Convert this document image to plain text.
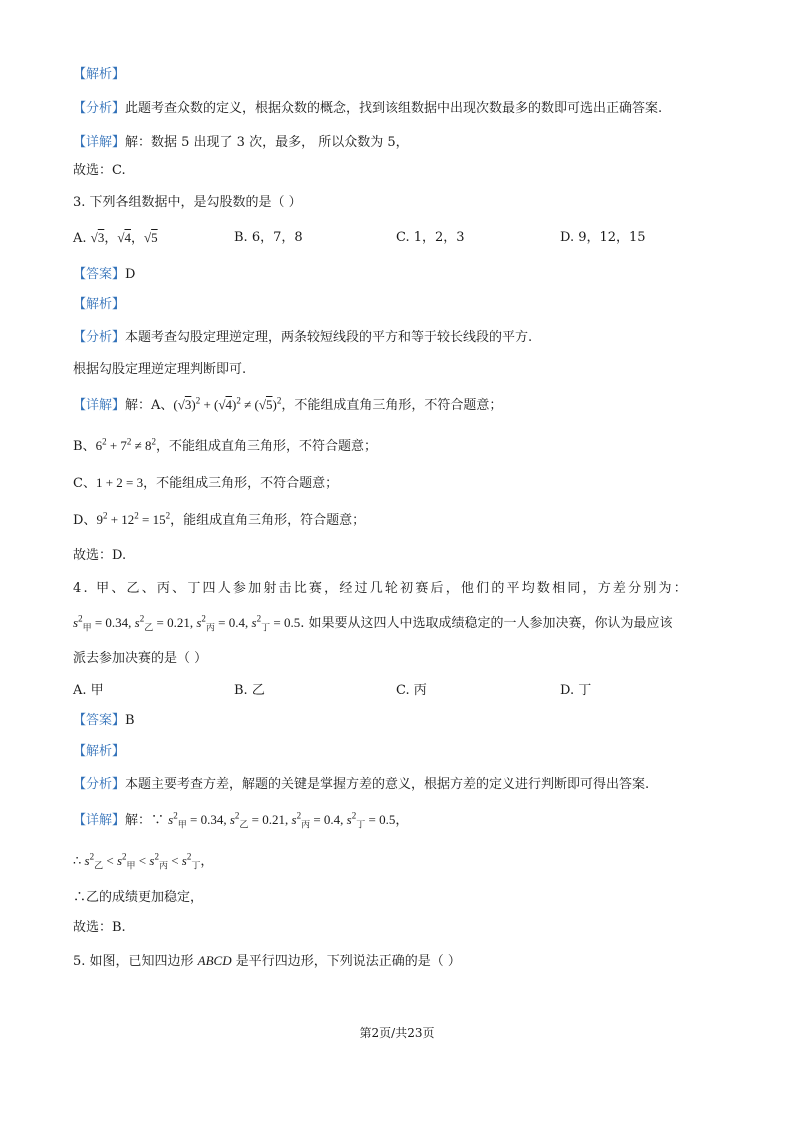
【解析】
【分析】此题考查众数的定义，根据众数的概念，找到该组数据中出现次数最多的数即可选出正确答案.
【详解】解：数据 5 出现了 3 次，最多， 所以众数为 5，
故选：C.
3. 下列各组数据中，是勾股数的是（ ）
A. √3，√4，√5	B. 6，7，8	C. 1，2，3	D. 9，12，15
【答案】D
【解析】
【分析】本题考查勾股定理逆定理，两条较短线段的平方和等于较长线段的平方.
根据勾股定理逆定理判断即可.
【详解】解：A、$(√3)^2 + (√4)^2 \ne (√5)^2$，不能组成直角三角形，不符合题意；
B、$6^2 + 7^2 \ne 8^2$，不能组成直角三角形，不符合题意；
C、1 + 2 = 3，不能组成三角形，不符合题意；
D、$9^2 + 12^2 = 15^2$，能组成直角三角形，符合题意；
故选：D.
4. 甲、乙、丙、丁四人参加射击比赛，经过几轮初赛后，他们的平均数相同，方差分别为：
$s^2_甲 = 0.34$, $s^2_乙 = 0.21$, $s^2_丙 = 0.4$, $s^2_丁 = 0.5$. 如果要从这四人中选取成绩稳定的一人参加决赛，你认为最应该
派去参加决赛的是（ ）
A. 甲	B. 乙	C. 丙	D. 丁
【答案】B
【解析】
【分析】本题主要考查方差，解题的关键是掌握方差的意义，根据方差的定义进行判断即可得出答案.
【详解】解：∵ $s^2_甲 = 0.34$, $s^2_乙 = 0.21$, $s^2_丙 = 0.4$, $s^2_丁 = 0.5$，
∴ $s^2_乙 < s^2_甲 < s^2_丙 < s^2_丁$，
∴乙的成绩更加稳定，
故选：B.
5. 如图，已知四边形 ABCD 是平行四边形，下列说法正确的是（ ）
第2页/共23页
